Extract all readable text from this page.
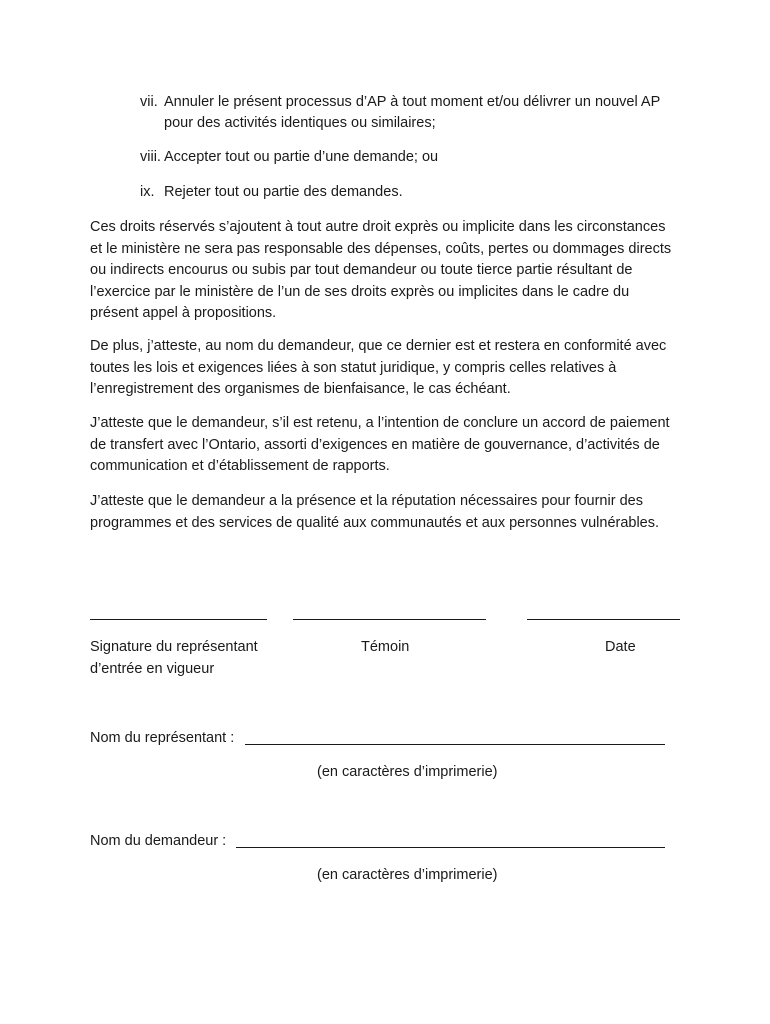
vii. Annuler le présent processus d’AP à tout moment et/ou délivrer un nouvel AP pour des activités identiques ou similaires;
viii. Accepter tout ou partie d’une demande; ou
ix. Rejeter tout ou partie des demandes.

Ces droits réservés s’ajoutent à tout autre droit exprès ou implicite dans les circonstances et le ministère ne sera pas responsable des dépenses, coûts, pertes ou dommages directs ou indirects encourus ou subis par tout demandeur ou toute tierce partie résultant de l’exercice par le ministère de l’un de ses droits exprès ou implicites dans le cadre du présent appel à propositions.

De plus, j’atteste, au nom du demandeur, que ce dernier est et restera en conformité avec toutes les lois et exigences liées à son statut juridique, y compris celles relatives à l’enregistrement des organismes de bienfaisance, le cas échéant.

J’atteste que le demandeur, s’il est retenu, a l’intention de conclure un accord de paiement de transfert avec l’Ontario, assorti d’exigences en matière de gouvernance, d’activités de communication et d’établissement de rapports.

J’atteste que le demandeur a la présence et la réputation nécessaires pour fournir des programmes et des services de qualité aux communautés et aux personnes vulnérables.

Signature du représentant d’entrée en vigueur
Témoin	Date
Nom du représentant :
(en caractères d’imprimerie)
Nom du demandeur :
(en caractères d’imprimerie)
